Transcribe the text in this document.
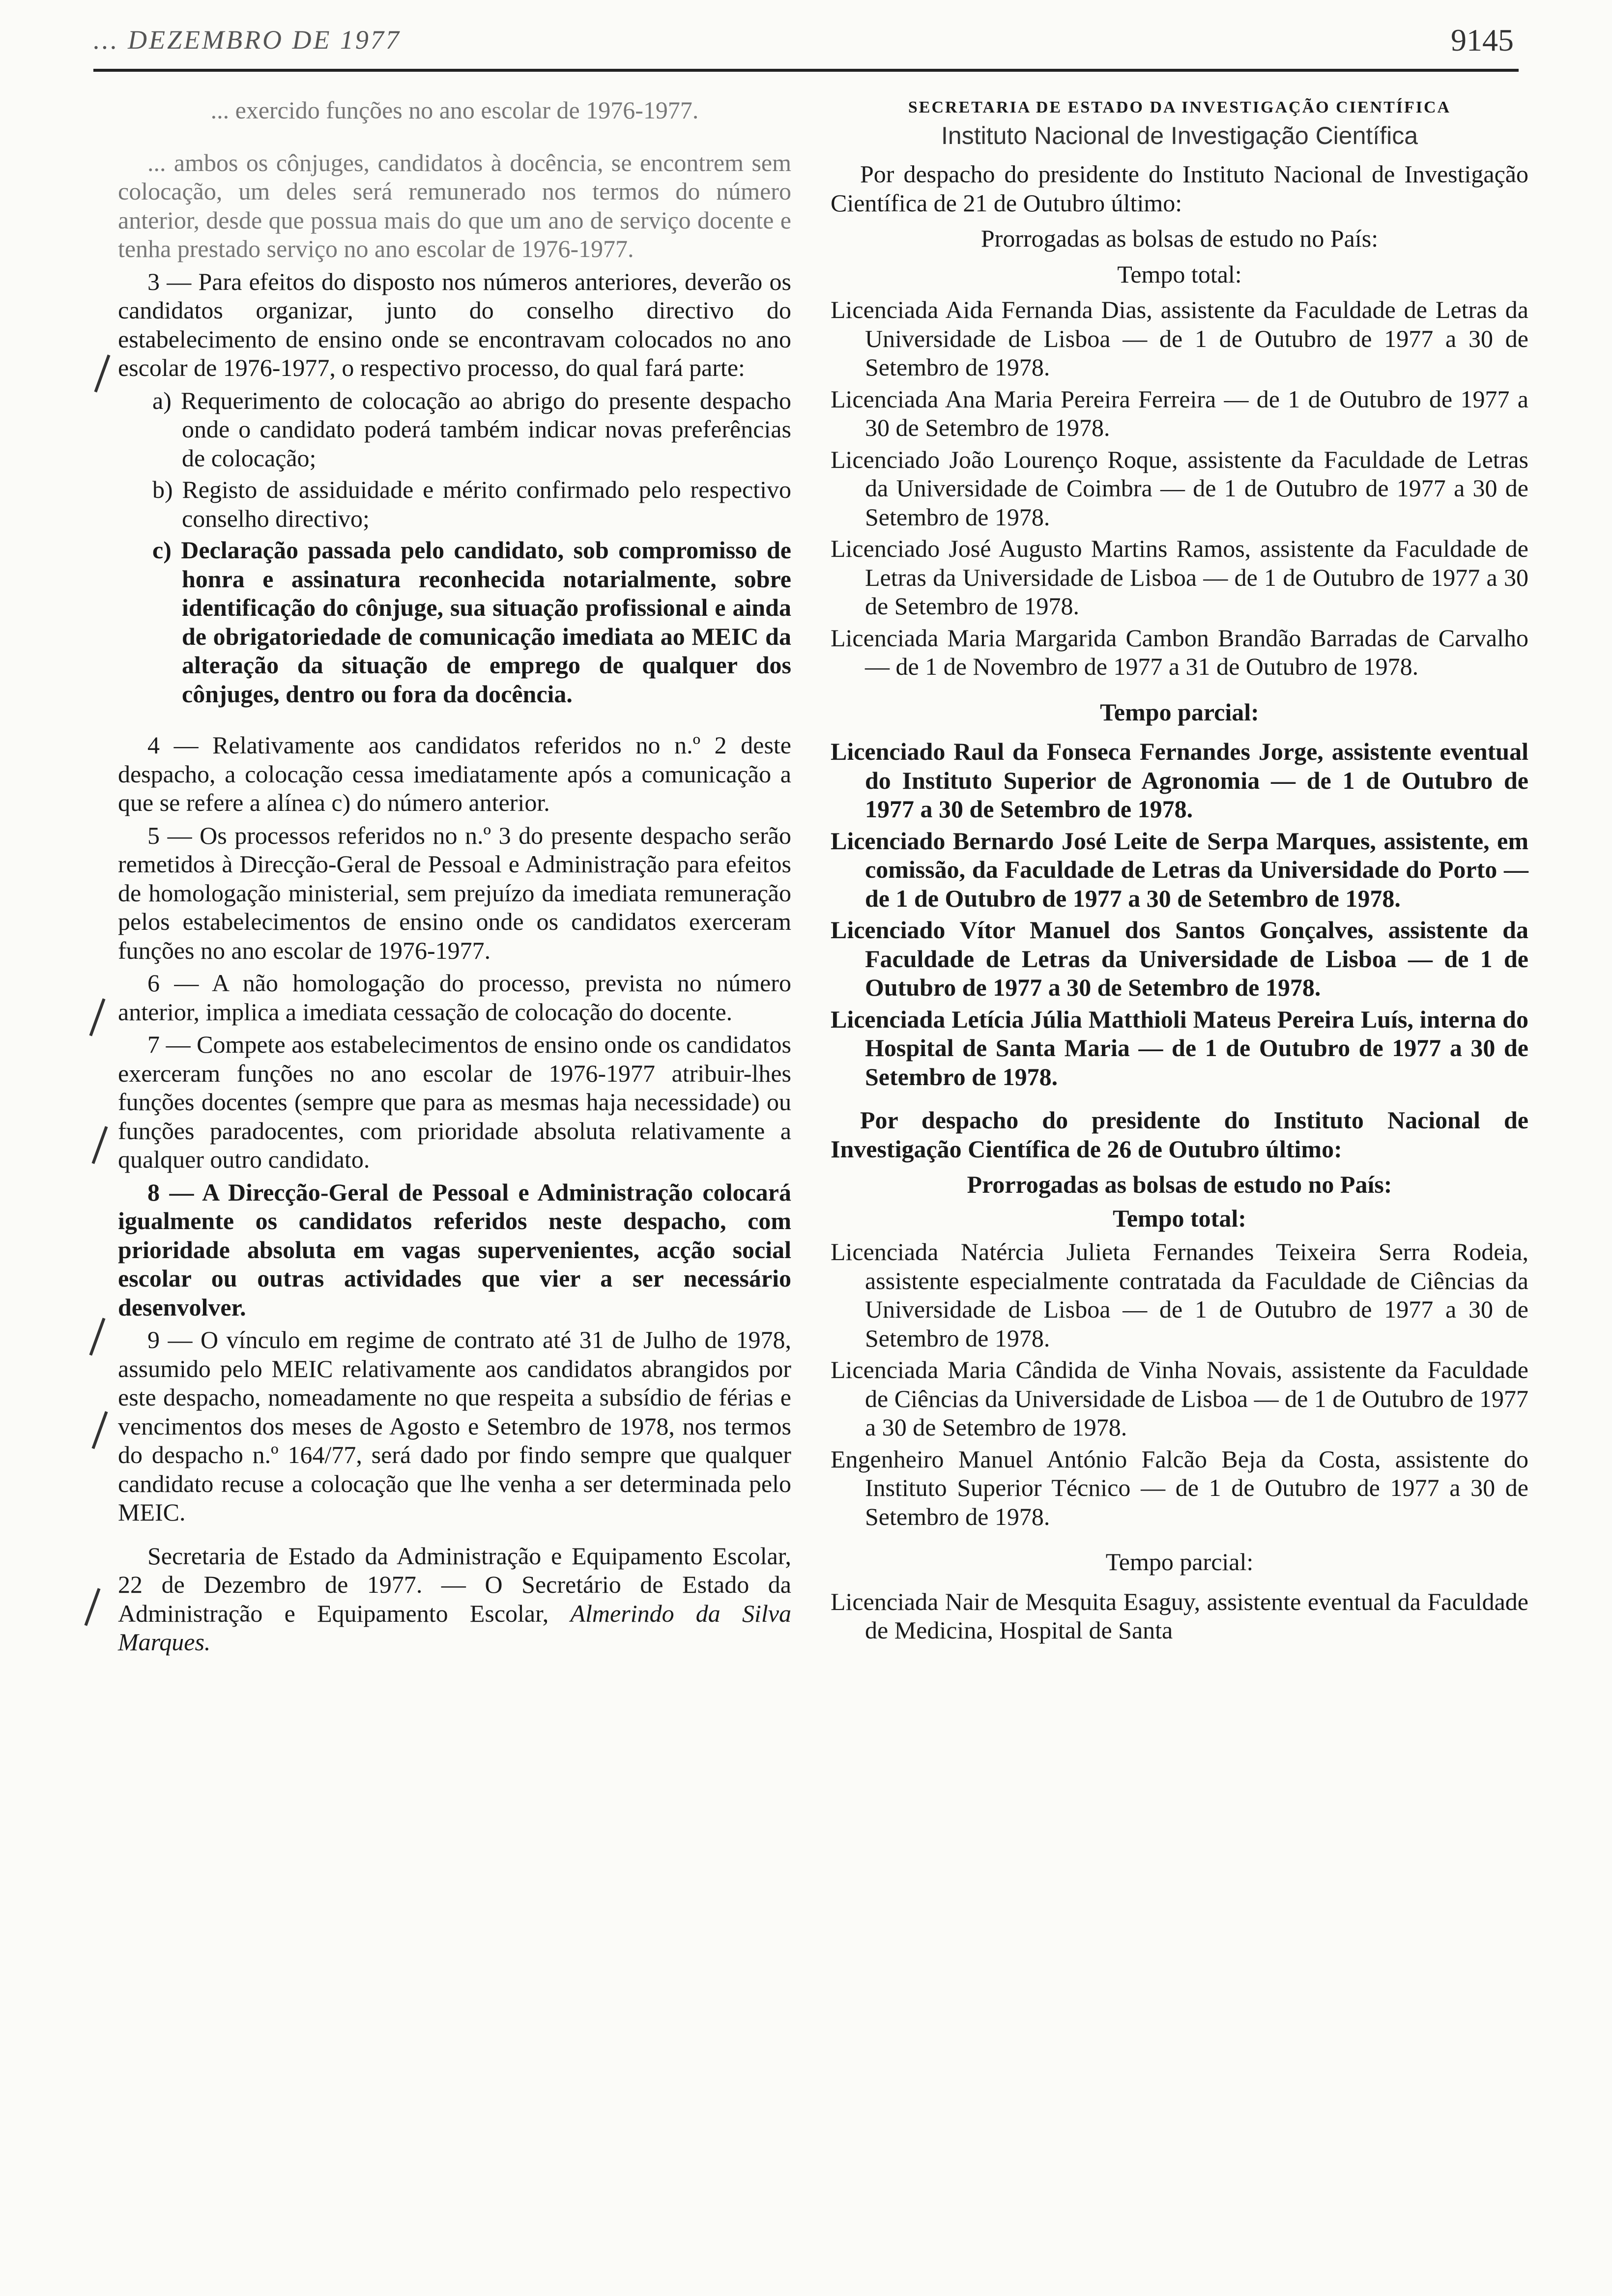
... DEZEMBRO DE 1977	9145

... exercido funções no ano escolar de 1976-1977.

... ambos os cônjuges, candidatos à docência, se encontrem sem colocação, um deles será remunerado nos termos do número anterior, desde que possua mais do que um ano de serviço docente e tenha prestado serviço no ano escolar de 1976-1977.

3 — Para efeitos do disposto nos números anteriores, deverão os candidatos organizar, junto do conselho directivo do estabelecimento de ensino onde se encontravam colocados no ano escolar de 1976-1977, o respectivo processo, do qual fará parte:

a) Requerimento de colocação ao abrigo do presente despacho onde o candidato poderá também indicar novas preferências de colocação;

b) Registo de assiduidade e mérito confirmado pelo respectivo conselho directivo;

c) Declaração passada pelo candidato, sob compromisso de honra e assinatura reconhecida notarialmente, sobre identificação do cônjuge, sua situação profissional e ainda de obrigatoriedade de comunicação imediata ao MEIC da alteração da situação de emprego de qualquer dos cônjuges, dentro ou fora da docência.

4 — Relativamente aos candidatos referidos no n.º 2 deste despacho, a colocação cessa imediatamente após a comunicação a que se refere a alínea c) do número anterior.

5 — Os processos referidos no n.º 3 do presente despacho serão remetidos à Direcção-Geral de Pessoal e Administração para efeitos de homologação ministerial, sem prejuízo da imediata remuneração pelos estabelecimentos de ensino onde os candidatos exerceram funções no ano escolar de 1976-1977.

6 — A não homologação do processo, prevista no número anterior, implica a imediata cessação de colocação do docente.

7 — Compete aos estabelecimentos de ensino onde os candidatos exerceram funções no ano escolar de 1976-1977 atribuir-lhes funções docentes (sempre que para as mesmas haja necessidade) ou funções paradocentes, com prioridade absoluta relativamente a qualquer outro candidato.

8 — A Direcção-Geral de Pessoal e Administração colocará igualmente os candidatos referidos neste despacho, com prioridade absoluta em vagas supervenientes, acção social escolar ou outras actividades que vier a ser necessário desenvolver.

9 — O vínculo em regime de contrato até 31 de Julho de 1978, assumido pelo MEIC relativamente aos candidatos abrangidos por este despacho, nomeadamente no que respeita a subsídio de férias e vencimentos dos meses de Agosto e Setembro de 1978, nos termos do despacho n.º 164/77, será dado por findo sempre que qualquer candidato recuse a colocação que lhe venha a ser determinada pelo MEIC.

Secretaria de Estado da Administração e Equipamento Escolar, 22 de Dezembro de 1977. — O Secretário de Estado da Administração e Equipamento Escolar, Almerindo da Silva Marques.

SECRETARIA DE ESTADO DA INVESTIGAÇÃO CIENTÍFICA

Instituto Nacional de Investigação Científica

Por despacho do presidente do Instituto Nacional de Investigação Científica de 21 de Outubro último:

Prorrogadas as bolsas de estudo no País:

Tempo total:

Licenciada Aida Fernanda Dias, assistente da Faculdade de Letras da Universidade de Lisboa — de 1 de Outubro de 1977 a 30 de Setembro de 1978.

Licenciada Ana Maria Pereira Ferreira — de 1 de Outubro de 1977 a 30 de Setembro de 1978.

Licenciado João Lourenço Roque, assistente da Faculdade de Letras da Universidade de Coimbra — de 1 de Outubro de 1977 a 30 de Setembro de 1978.

Licenciado José Augusto Martins Ramos, assistente da Faculdade de Letras da Universidade de Lisboa — de 1 de Outubro de 1977 a 30 de Setembro de 1978.

Licenciada Maria Margarida Cambon Brandão Barradas de Carvalho — de 1 de Novembro de 1977 a 31 de Outubro de 1978.

Tempo parcial:

Licenciado Raul da Fonseca Fernandes Jorge, assistente eventual do Instituto Superior de Agronomia — de 1 de Outubro de 1977 a 30 de Setembro de 1978.

Licenciado Bernardo José Leite de Serpa Marques, assistente, em comissão, da Faculdade de Letras da Universidade do Porto — de 1 de Outubro de 1977 a 30 de Setembro de 1978.

Licenciado Vítor Manuel dos Santos Gonçalves, assistente da Faculdade de Letras da Universidade de Lisboa — de 1 de Outubro de 1977 a 30 de Setembro de 1978.

Licenciada Letícia Júlia Matthioli Mateus Pereira Luís, interna do Hospital de Santa Maria — de 1 de Outubro de 1977 a 30 de Setembro de 1978.

Por despacho do presidente do Instituto Nacional de Investigação Científica de 26 de Outubro último:

Prorrogadas as bolsas de estudo no País:

Tempo total:

Licenciada Natércia Julieta Fernandes Teixeira Serra Rodeia, assistente especialmente contratada da Faculdade de Ciências da Universidade de Lisboa — de 1 de Outubro de 1977 a 30 de Setembro de 1978.

Licenciada Maria Cândida de Vinha Novais, assistente da Faculdade de Ciências da Universidade de Lisboa — de 1 de Outubro de 1977 a 30 de Setembro de 1978.

Engenheiro Manuel António Falcão Beja da Costa, assistente do Instituto Superior Técnico — de 1 de Outubro de 1977 a 30 de Setembro de 1978.

Tempo parcial:

Licenciada Nair de Mesquita Esaguy, assistente eventual da Faculdade de Medicina, Hospital de Santa
